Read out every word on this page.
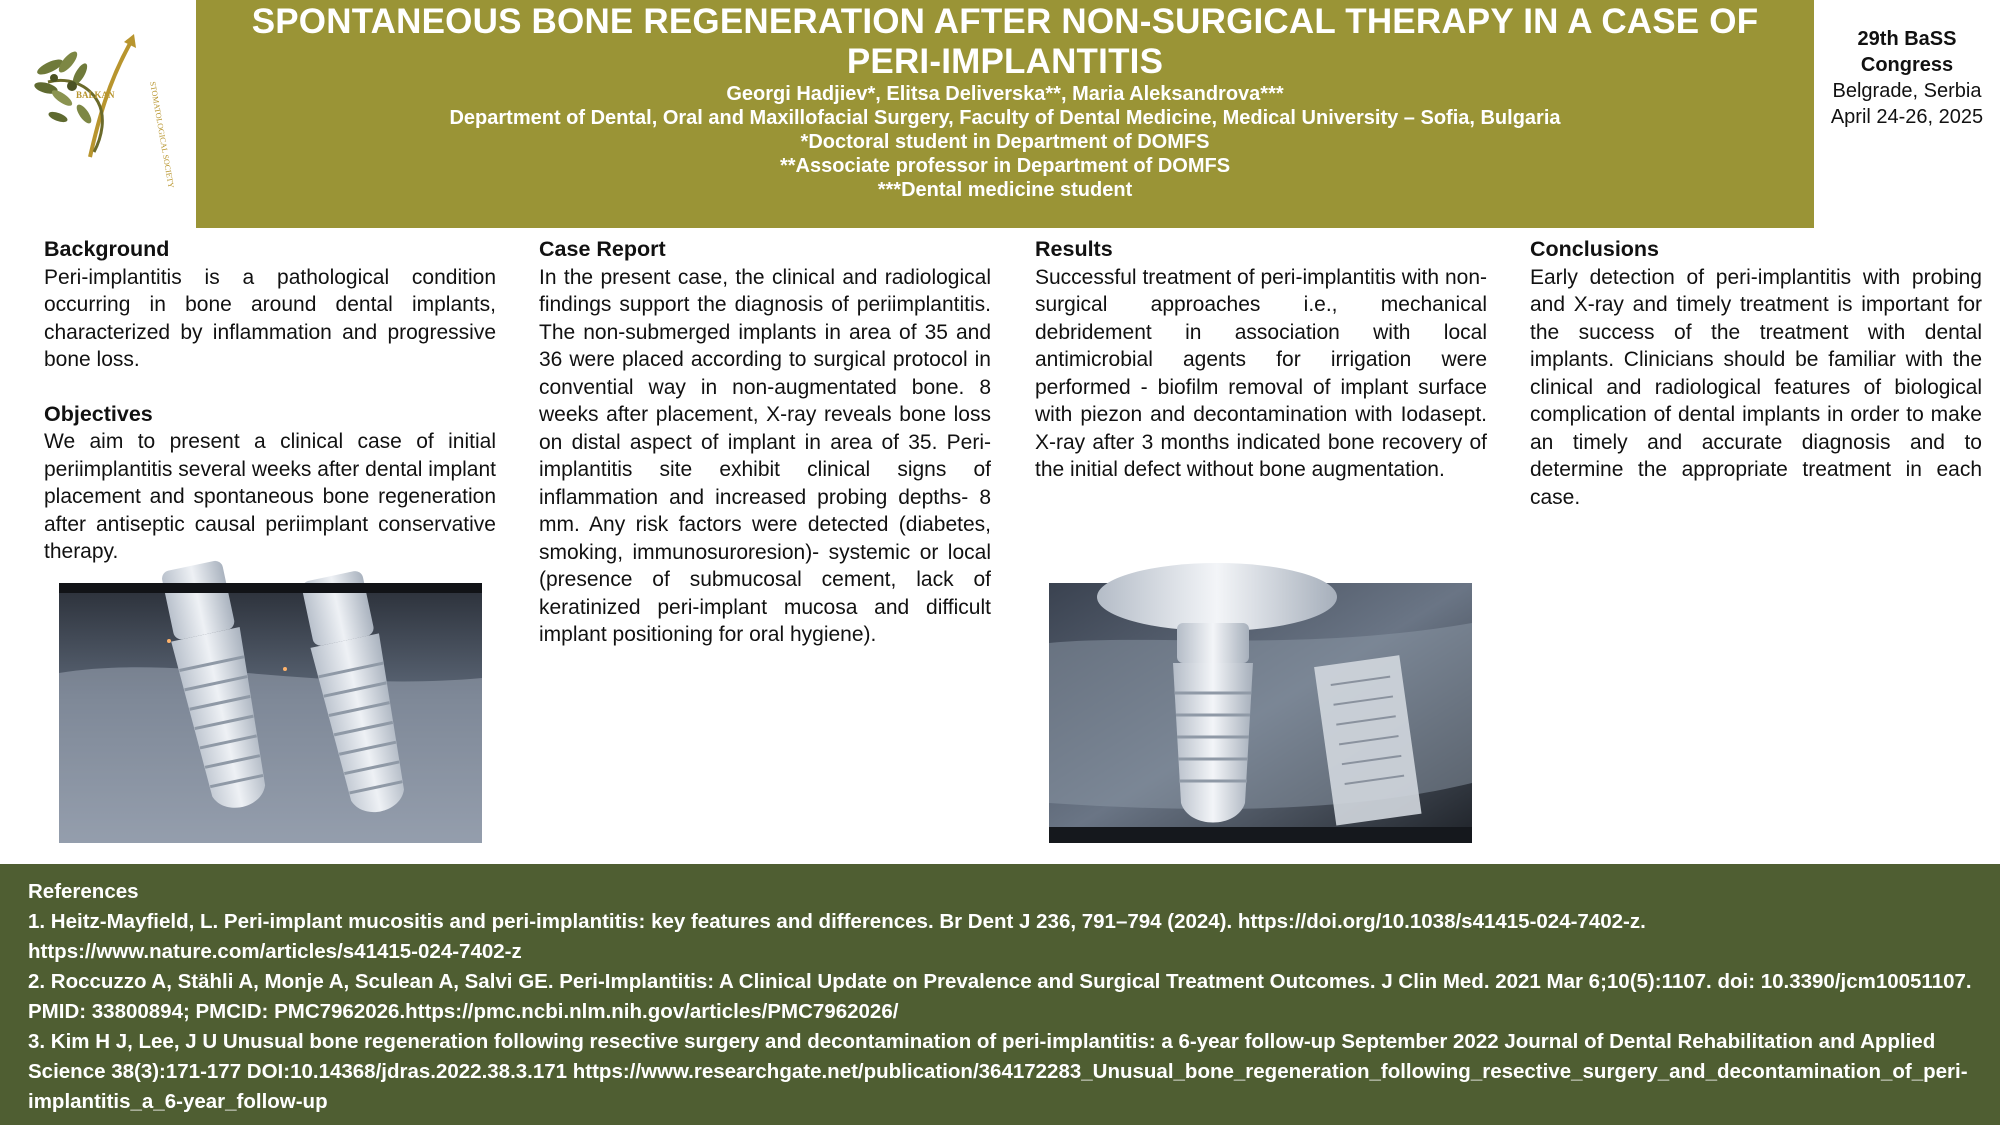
BALKAN	STOMATOLOGICAL SOCIETY
SPONTANEOUS BONE REGENERATION AFTER NON-SURGICAL THERAPY IN A CASE OF PERI-IMPLANTITIS
Georgi Hadjiev*, Elitsa Deliverska**, Maria Aleksandrova***
Department of Dental, Oral and Maxillofacial Surgery, Faculty of Dental Medicine, Medical University – Sofia, Bulgaria
*Doctoral student in Department of DOMFS
**Associate professor in Department of DOMFS
***Dental medicine student
29th BaSS
Congress
Belgrade, Serbia
April 24-26, 2025
Background

Peri-implantitis is a pathological condition occurring in bone around dental implants, characterized by inflammation and progressive bone loss.

Objectives

We aim to present a clinical case of initial periimplantitis several weeks after dental implant placement and spontaneous bone regeneration after antiseptic causal periimplant conservative therapy.

Case Report

In the present case, the clinical and radiological findings support the diagnosis of periimplantitis. The non-submerged implants in area of 35 and 36 were placed according to surgical protocol in convential way in non-augmentated bone. 8 weeks after placement, X-ray reveals bone loss on distal aspect of implant in area of 35. Peri-implantitis site exhibit clinical signs of inflammation and increased probing depths- 8 mm. Any risk factors were detected (diabetes, smoking, immunosuroresion)- systemic or local (presence of submucosal cement, lack of keratinized peri-implant mucosa and difficult implant positioning for oral hygiene).

Results

Successful treatment of peri-implantitis with non-surgical approaches i.e., mechanical debridement in association with local antimicrobial agents for irrigation were performed - biofilm removal of implant surface with piezon and decontamination with Iodasept. X-ray after 3 months indicated bone recovery of the initial defect without bone augmentation.

Conclusions

Early detection of peri-implantitis with probing and X-ray and timely treatment is important for the success of the treatment with dental implants. Clinicians should be familiar with the clinical and radiological features of biological complication of dental implants in order to make an timely and accurate diagnosis and to determine the appropriate treatment in each case.

References
1. Heitz-Mayfield, L. Peri-implant mucositis and peri-implantitis: key features and differences. Br Dent J 236, 791–794 (2024). https://doi.org/10.1038/s41415-024-7402-z. https://www.nature.com/articles/s41415-024-7402-z
2. Roccuzzo A, Stähli A, Monje A, Sculean A, Salvi GE. Peri-Implantitis: A Clinical Update on Prevalence and Surgical Treatment Outcomes. J Clin Med. 2021 Mar 6;10(5):1107. doi: 10.3390/jcm10051107. PMID: 33800894; PMCID: PMC7962026.https://pmc.ncbi.nlm.nih.gov/articles/PMC7962026/
3. Kim H J, Lee, J U Unusual bone regeneration following resective surgery and decontamination of peri-implantitis: a 6-year follow-up September 2022 Journal of Dental Rehabilitation and Applied Science 38(3):171-177 DOI:10.14368/jdras.2022.38.3.171 https://www.researchgate.net/publication/364172283_Unusual_bone_regeneration_following_resective_surgery_and_decontamination_of_peri-implantitis_a_6-year_follow-up
